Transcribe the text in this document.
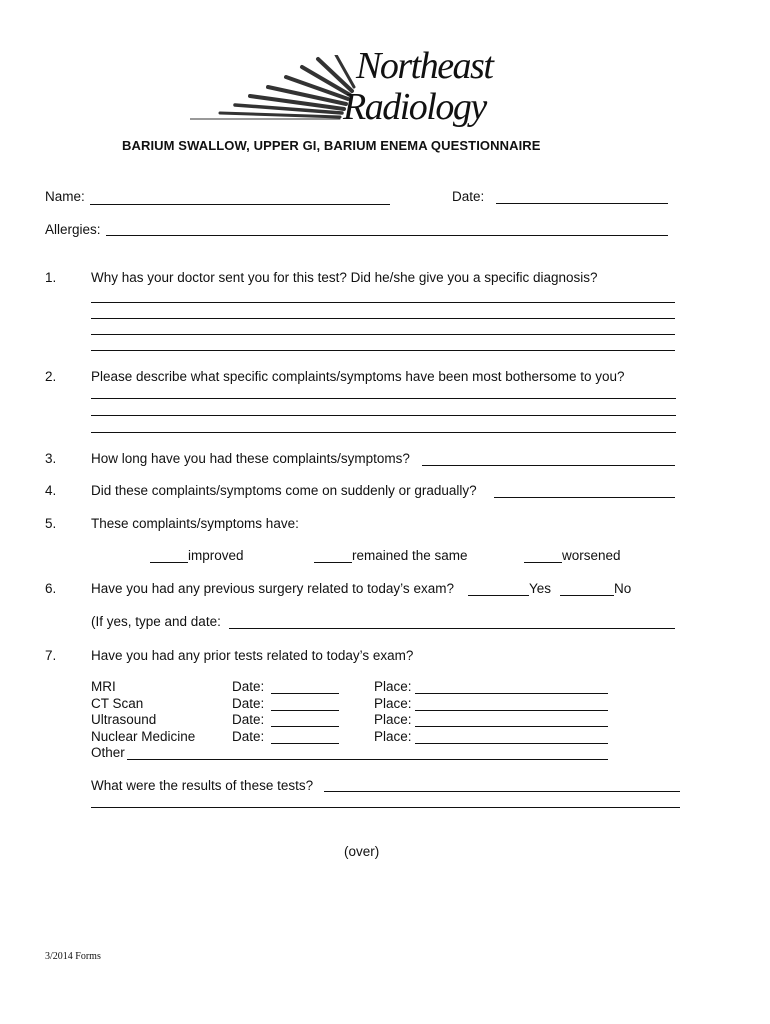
Northeast
Radiology
BARIUM SWALLOW, UPPER GI, BARIUM ENEMA QUESTIONNAIRE
Name:	Date:
Allergies:
1.	Why has your doctor sent you for this test? Did he/she give you a specific diagnosis?
2.	Please describe what specific complaints/symptoms have been most bothersome to you?
3.	How long have you had these complaints/symptoms?
4.	Did these complaints/symptoms come on suddenly or gradually?
5.	These complaints/symptoms have:
improved	remained the same	worsened
6.	Have you had any previous surgery related to today’s exam?	Yes	No
(If yes, type and date:
7.	Have you had any prior tests related to today’s exam?
MRI	Date:	Place:
CT Scan	Date:	Place:
Ultrasound	Date:	Place:
Nuclear Medicine	Date:	Place:
Other
What were the results of these tests?
(over)
3/2014 Forms
